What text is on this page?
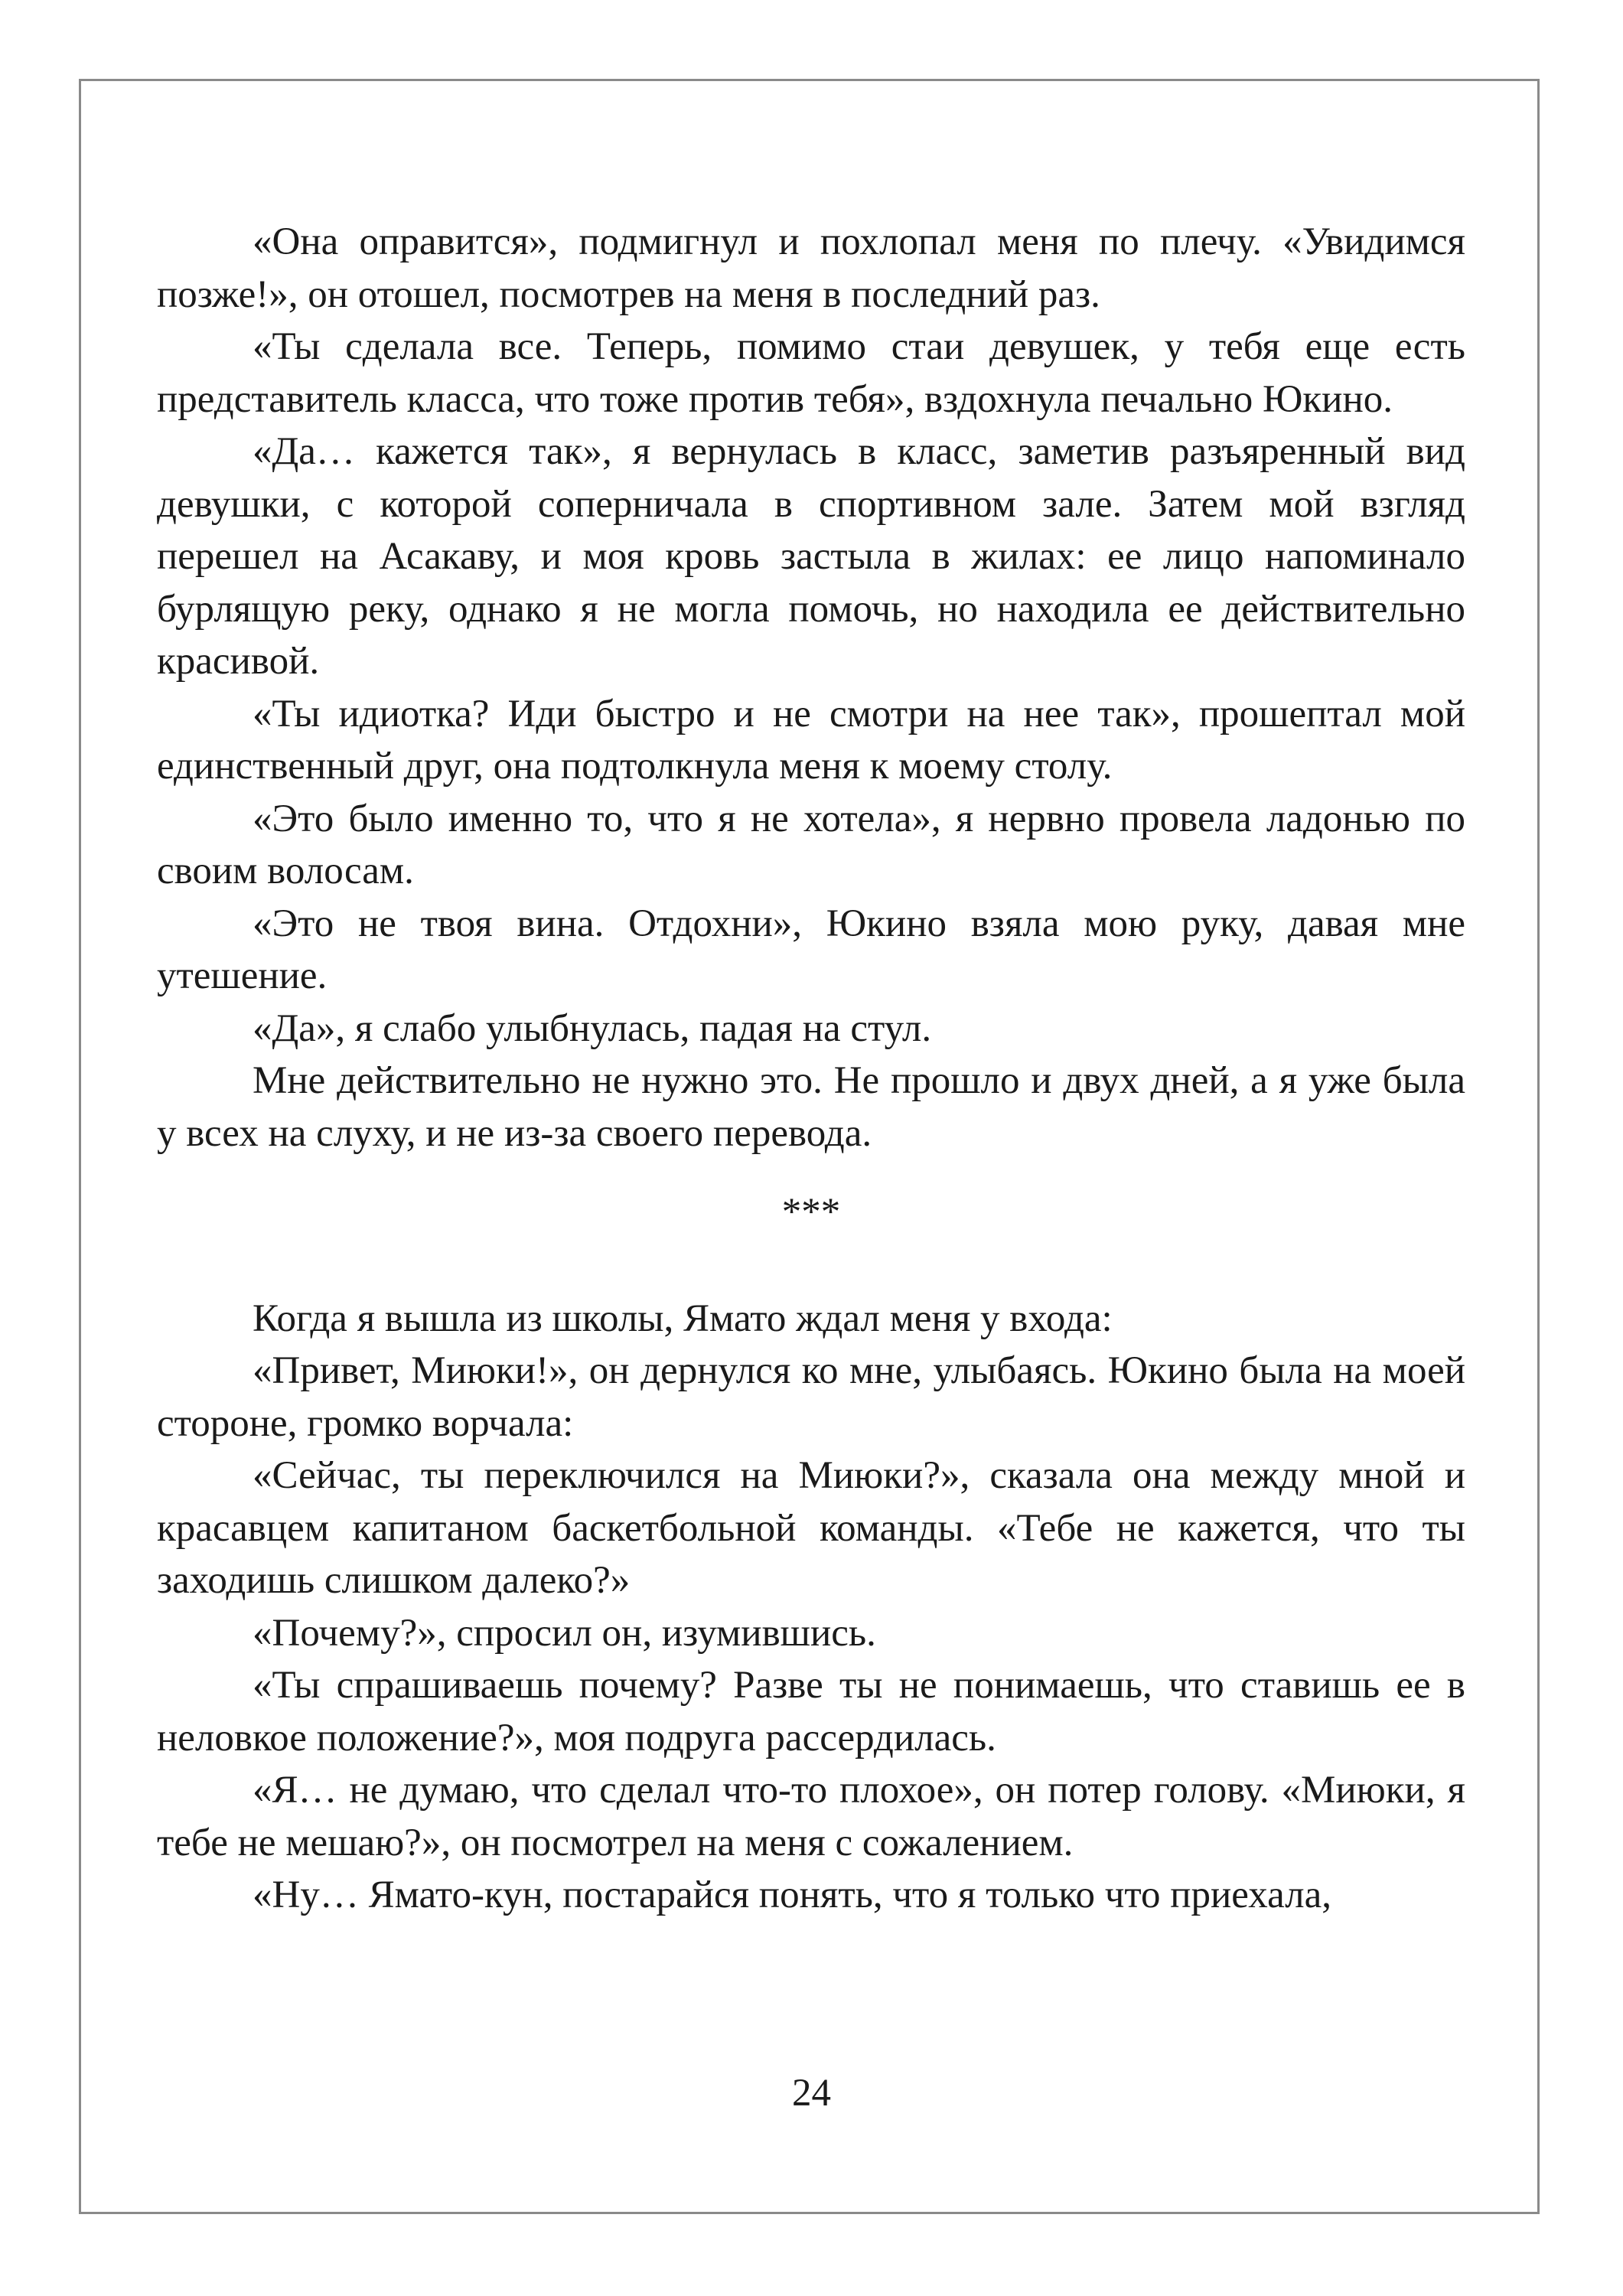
«Она оправится», подмигнул и похлопал меня по плечу. «Увидимся позже!», он отошел, посмотрев на меня в последний раз.

«Ты сделала все. Теперь, помимо стаи девушек, у тебя еще есть представитель класса, что тоже против тебя», вздохнула печально Юкино.

«Да… кажется так», я вернулась в класс, заметив разъяренный вид девушки, с которой соперничала в спортивном зале. Затем мой взгляд перешел на Асакаву, и моя кровь застыла в жилах: ее лицо напоминало бурлящую реку, однако я не могла помочь, но находила ее действительно красивой.

«Ты идиотка? Иди быстро и не смотри на нее так», прошептал мой единственный друг, она подтолкнула меня к моему столу.

«Это было именно то, что я не хотела», я нервно провела ладонью по своим волосам.

«Это не твоя вина. Отдохни», Юкино взяла мою руку, давая мне утешение.

«Да», я слабо улыбнулась, падая на стул.

Мне действительно не нужно это. Не прошло и двух дней, а я уже была у всех на слуху, и не из-за своего перевода.

***

Когда я вышла из школы, Ямато ждал меня у входа:

«Привет, Миюки!», он дернулся ко мне, улыбаясь. Юкино была на моей стороне, громко ворчала:

«Сейчас, ты переключился на Миюки?», сказала она между мной и красавцем капитаном баскетбольной команды. «Тебе не кажется, что ты заходишь слишком далеко?»

«Почему?», спросил он, изумившись.

«Ты спрашиваешь почему? Разве ты не понимаешь, что ставишь ее в неловкое положение?», моя подруга рассердилась.

«Я… не думаю, что сделал что-то плохое», он потер голову. «Миюки, я тебе не мешаю?», он посмотрел на меня с сожалением.

«Ну… Ямато-кун, постарайся понять, что я только что приехала,

24
